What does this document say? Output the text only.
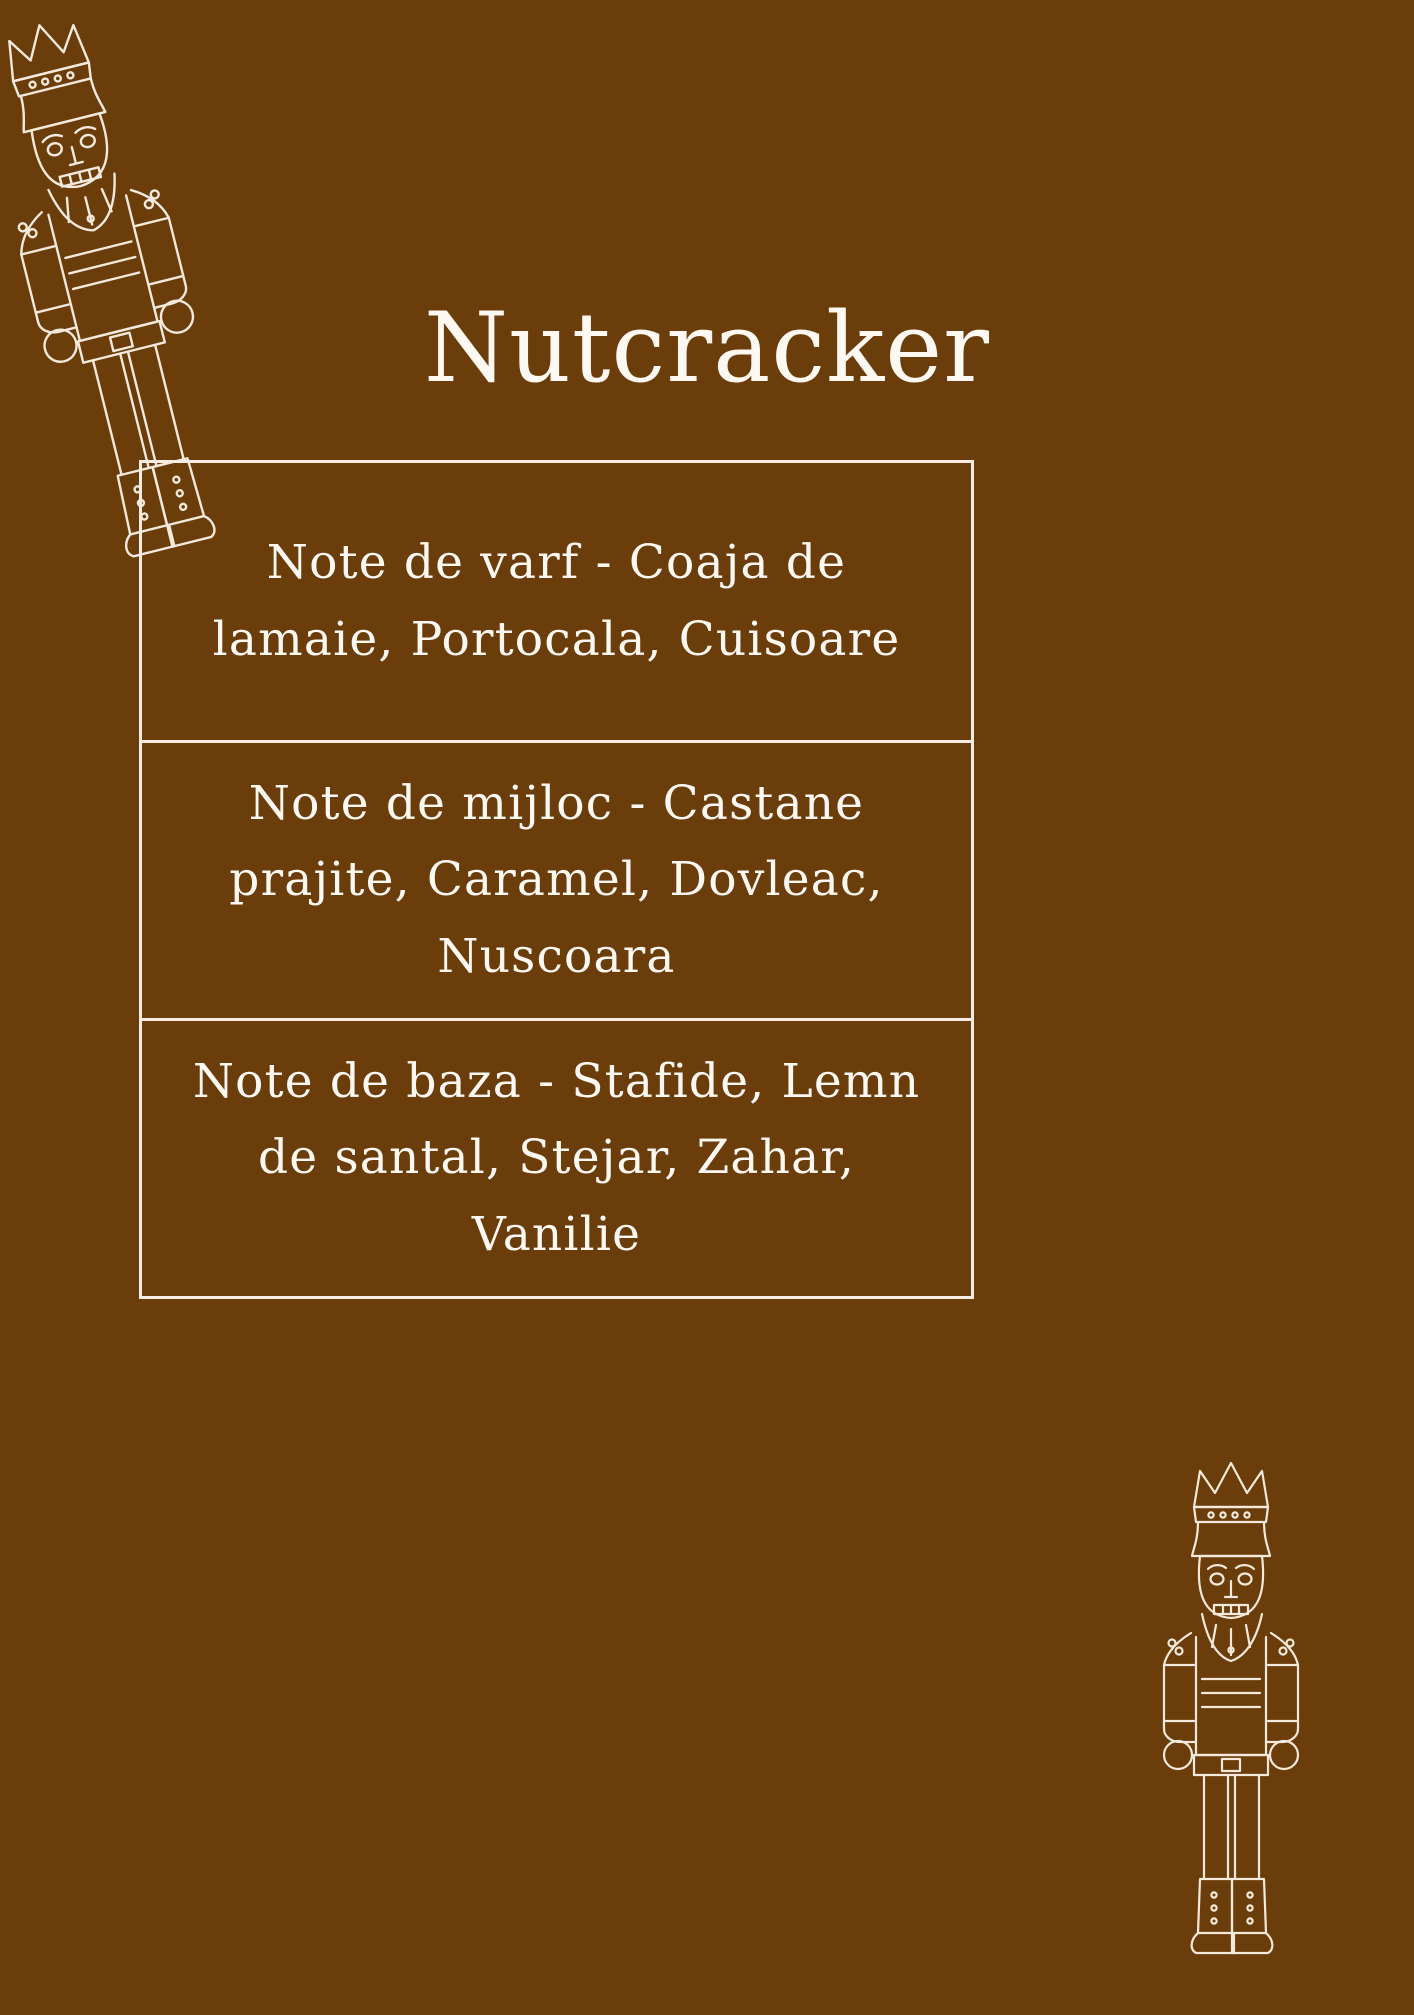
Nutcracker
Note de varf - Coaja de lamaie, Portocala, Cuisoare
Note de mijloc - Castane prajite, Caramel, Dovleac, Nuscoara
Note de baza - Stafide, Lemn de santal, Stejar, Zahar, Vanilie
